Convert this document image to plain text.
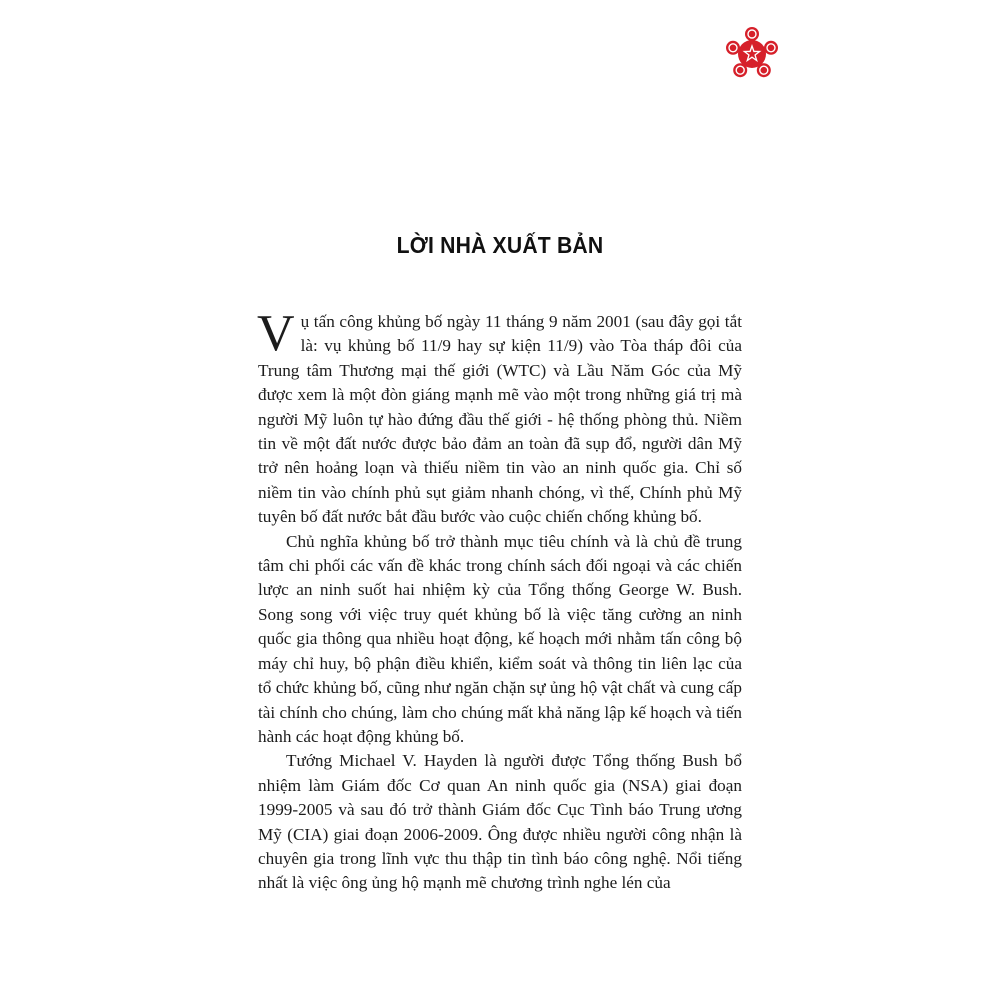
LỜI NHÀ XUẤT BẢN

Vụ tấn công khủng bố ngày 11 tháng 9 năm 2001 (sau đây gọi tắt là: vụ khủng bố 11/9 hay sự kiện 11/9) vào Tòa tháp đôi của Trung tâm Thương mại thế giới (WTC) và Lầu Năm Góc của Mỹ được xem là một đòn giáng mạnh mẽ vào một trong những giá trị mà người Mỹ luôn tự hào đứng đầu thế giới - hệ thống phòng thủ. Niềm tin về một đất nước được bảo đảm an toàn đã sụp đổ, người dân Mỹ trở nên hoảng loạn và thiếu niềm tin vào an ninh quốc gia. Chỉ số niềm tin vào chính phủ sụt giảm nhanh chóng, vì thế, Chính phủ Mỹ tuyên bố đất nước bắt đầu bước vào cuộc chiến chống khủng bố.

Chủ nghĩa khủng bố trở thành mục tiêu chính và là chủ đề trung tâm chi phối các vấn đề khác trong chính sách đối ngoại và các chiến lược an ninh suốt hai nhiệm kỳ của Tổng thống George W. Bush. Song song với việc truy quét khủng bố là việc tăng cường an ninh quốc gia thông qua nhiều hoạt động, kế hoạch mới nhằm tấn công bộ máy chỉ huy, bộ phận điều khiển, kiểm soát và thông tin liên lạc của tổ chức khủng bố, cũng như ngăn chặn sự ủng hộ vật chất và cung cấp tài chính cho chúng, làm cho chúng mất khả năng lập kế hoạch và tiến hành các hoạt động khủng bố.

Tướng Michael V. Hayden là người được Tổng thống Bush bổ nhiệm làm Giám đốc Cơ quan An ninh quốc gia (NSA) giai đoạn 1999-2005 và sau đó trở thành Giám đốc Cục Tình báo Trung ương Mỹ (CIA) giai đoạn 2006-2009. Ông được nhiều người công nhận là chuyên gia trong lĩnh vực thu thập tin tình báo công nghệ. Nổi tiếng nhất là việc ông ủng hộ mạnh mẽ chương trình nghe lén của
